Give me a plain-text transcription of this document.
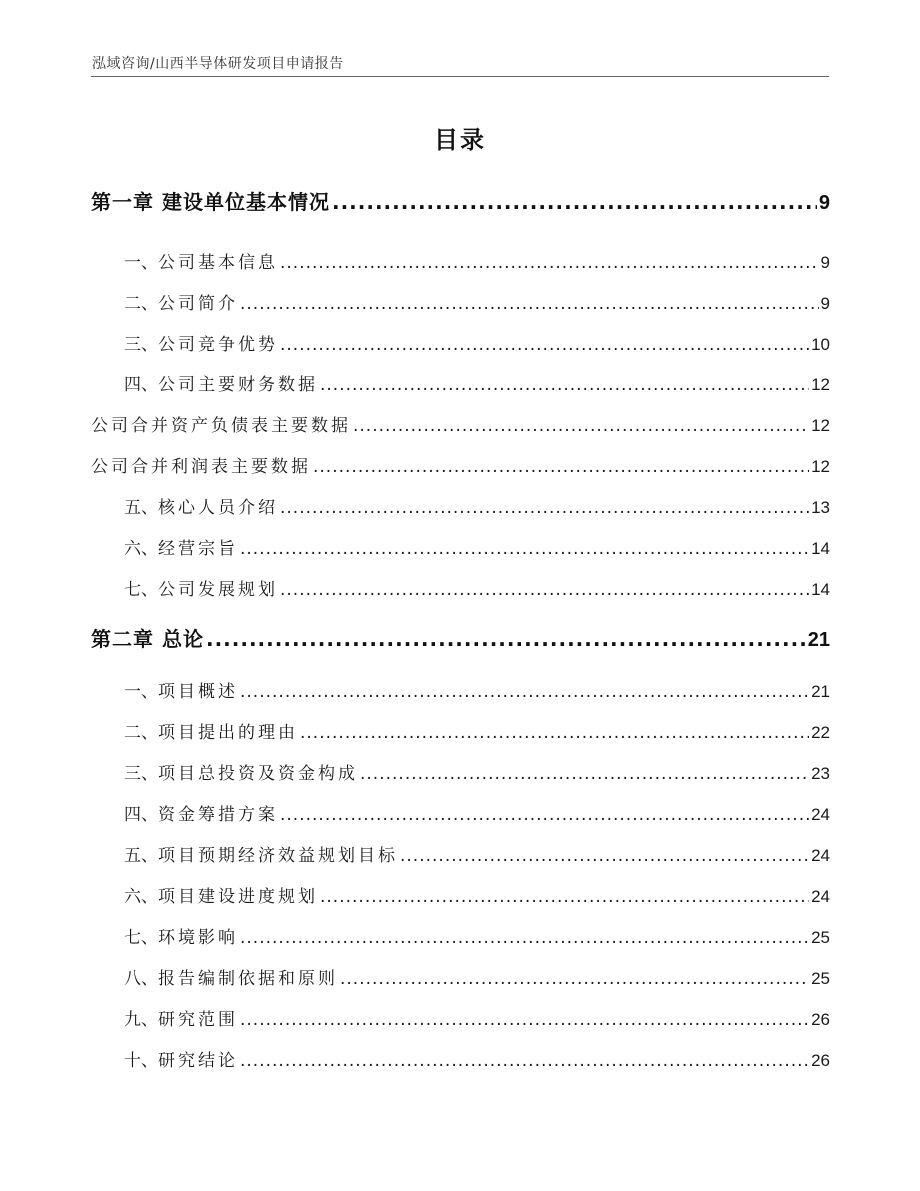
泓域咨询/山西半导体研发项目申请报告
目录
第一章 建设单位基本情况 .....	9
一、 公司基本信息 .....	9
二、 公司简介 .....	9
三、 公司竞争优势 .....	10
四、 公司主要财务数据 .....	12
公司合并资产负债表主要数据 .....	12
公司合并利润表主要数据 .....	12
五、 核心人员介绍 .....	13
六、 经营宗旨 .....	14
七、 公司发展规划 .....	14
第二章 总论 .....	21
一、 项目概述 .....	21
二、 项目提出的理由 .....	22
三、 项目总投资及资金构成 .....	23
四、 资金筹措方案 .....	24
五、 项目预期经济效益规划目标 .....	24
六、 项目建设进度规划 .....	24
七、 环境影响 .....	25
八、 报告编制依据和原则 .....	25
九、 研究范围 .....	26
十、 研究结论 .....	26
